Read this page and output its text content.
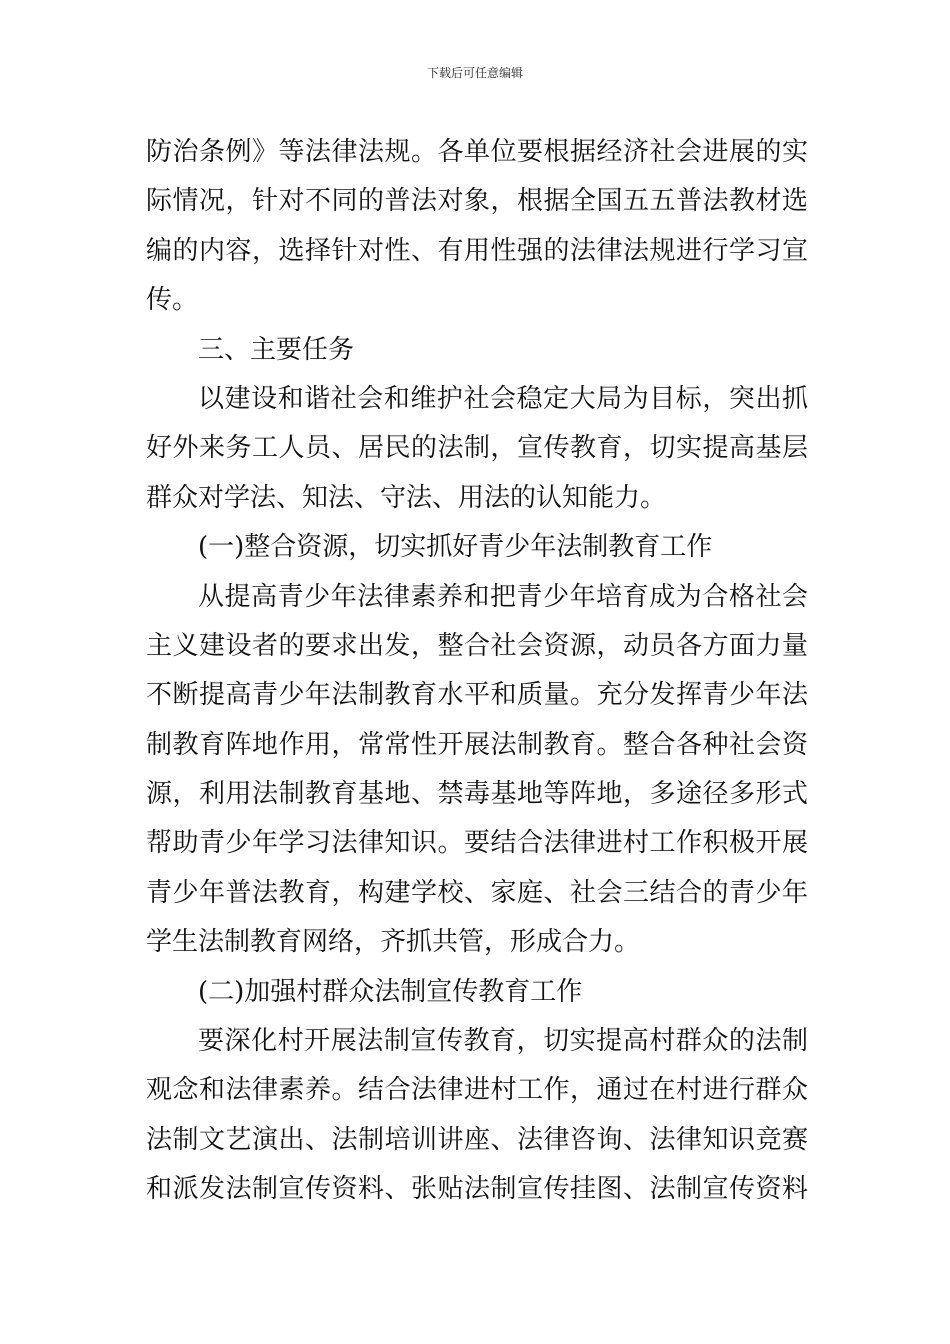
下载后可任意编辑
防治条例》等法律法规。各单位要根据经济社会进展的实
际情况，针对不同的普法对象，根据全国五五普法教材选
编的内容，选择针对性、有用性强的法律法规进行学习宣
传。
三、主要任务
以建设和谐社会和维护社会稳定大局为目标，突出抓
好外来务工人员、居民的法制，宣传教育，切实提高基层
群众对学法、知法、守法、用法的认知能力。
(一)整合资源，切实抓好青少年法制教育工作
从提高青少年法律素养和把青少年培育成为合格社会
主义建设者的要求出发，整合社会资源，动员各方面力量
不断提高青少年法制教育水平和质量。充分发挥青少年法
制教育阵地作用，常常性开展法制教育。整合各种社会资
源，利用法制教育基地、禁毒基地等阵地，多途径多形式
帮助青少年学习法律知识。要结合法律进村工作积极开展
青少年普法教育，构建学校、家庭、社会三结合的青少年
学生法制教育网络，齐抓共管，形成合力。
(二)加强村群众法制宣传教育工作
要深化村开展法制宣传教育，切实提高村群众的法制
观念和法律素养。结合法律进村工作，通过在村进行群众
法制文艺演出、法制培训讲座、法律咨询、法律知识竞赛
和派发法制宣传资料、张贴法制宣传挂图、法制宣传资料
